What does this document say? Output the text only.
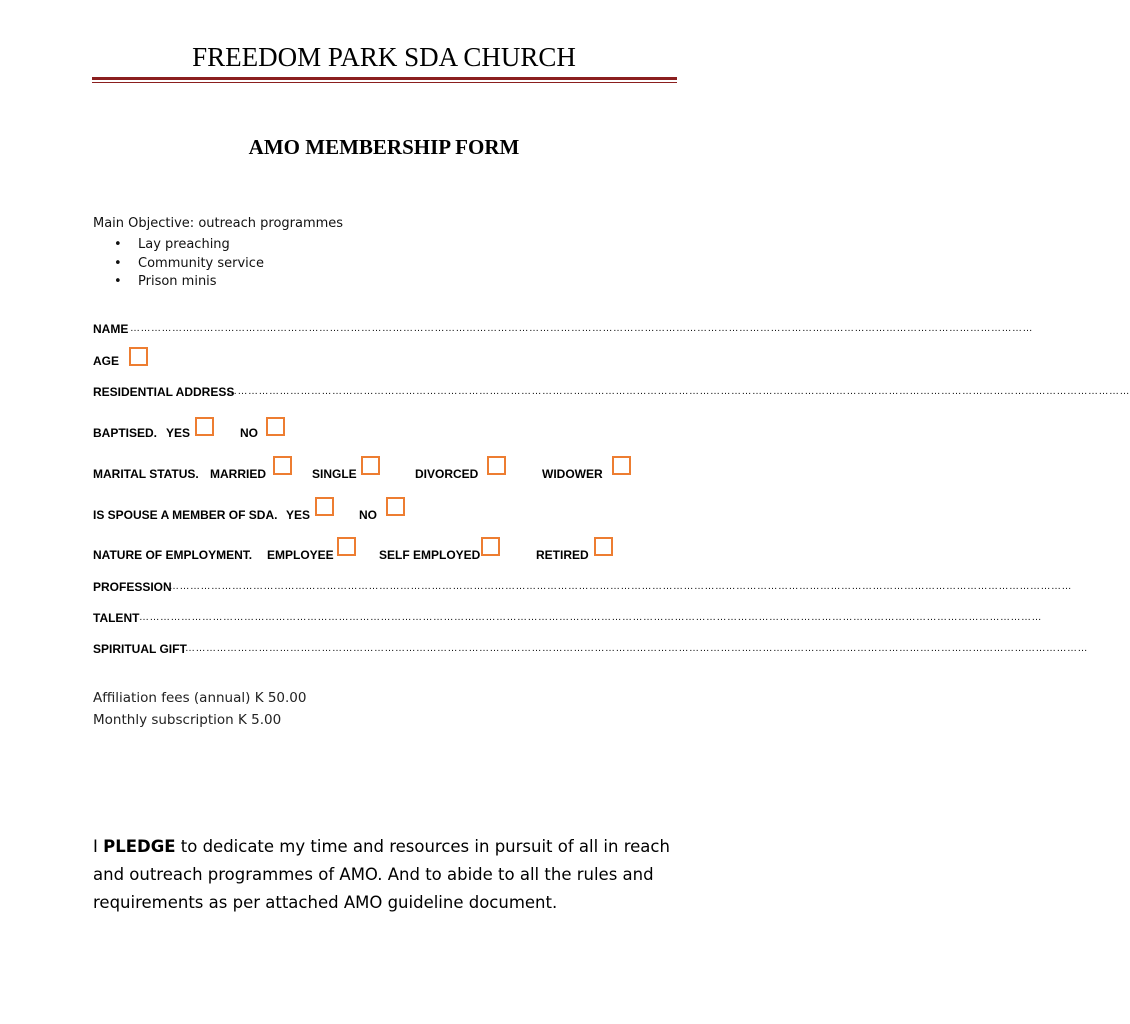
FREEDOM PARK SDA CHURCH
AMO MEMBERSHIP FORM
Main Objective: outreach programmes
• Lay preaching
• Community service
• Prison minis
NAME ……………………………………………………………………………………………………………………………………………………………………………………………………………………………………
AGE
RESIDENTIAL ADDRESS
……………………………………………………………………………………………………………………………………………………………………………………………………………………………………
BAPTISED. YES	NO
MARITAL STATUS. MARRIED	SINGLE	DIVORCED	WIDOWER
IS SPOUSE A MEMBER OF SDA. YES	NO
NATURE OF EMPLOYMENT. EMPLOYEE	SELF EMPLOYED	RETIRED
PROFESSION
……………………………………………………………………………………………………………………………………………………………………………………………………………………………………
TALENT ……………………………………………………………………………………………………………………………………………………………………………………………………………………………………
SPIRITUAL GIFT
……………………………………………………………………………………………………………………………………………………………………………………………………………………………………
Affiliation fees (annual) K 50.00
Monthly subscription K 5.00
I PLEDGE to dedicate my time and resources in pursuit of all in reach and outreach programmes of AMO. And to abide to all the rules and requirements as per attached AMO guideline document.
